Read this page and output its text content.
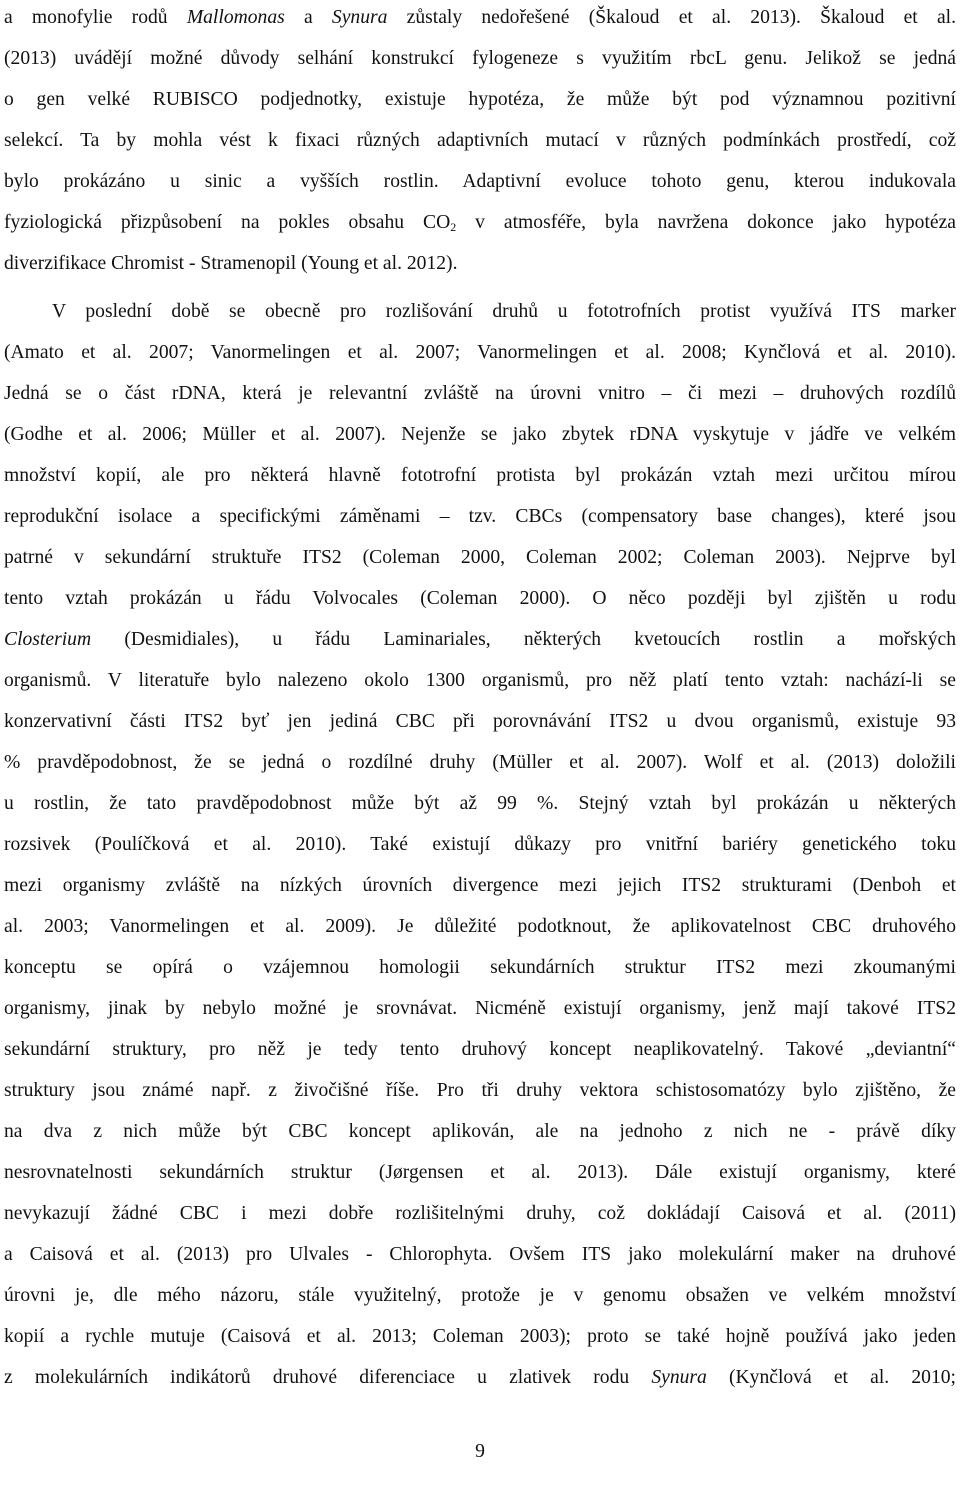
a monofylie rodů Mallomonas a Synura zůstaly nedořešené (Škaloud et al. 2013). Škaloud et al.
(2013) uvádějí možné důvody selhání konstrukcí fylogeneze s využitím rbcL genu. Jelikož se jedná
o gen velké RUBISCO podjednotky, existuje hypotéza, že může být pod významnou pozitivní
selekcí. Ta by mohla vést k fixaci různých adaptivních mutací v různých podmínkách prostředí, což
bylo prokázáno u sinic a vyšších rostlin. Adaptivní evoluce tohoto genu, kterou indukovala
fyziologická přizpůsobení na pokles obsahu CO2 v atmosféře, byla navržena dokonce jako hypotéza
diverzifikace Chromist - Stramenopil (Young et al. 2012).
V poslední době se obecně pro rozlišování druhů u fototrofních protist využívá ITS marker
(Amato et al. 2007; Vanormelingen et al. 2007; Vanormelingen et al. 2008; Kynčlová et al. 2010).
Jedná se o část rDNA, která je relevantní zvláště na úrovni vnitro – či mezi – druhových rozdílů
(Godhe et al. 2006; Müller et al. 2007). Nejenže se jako zbytek rDNA vyskytuje v jádře ve velkém
množství kopií, ale pro některá hlavně fototrofní protista byl prokázán vztah mezi určitou mírou
reprodukční isolace a specifickými záměnami – tzv. CBCs (compensatory base changes), které jsou
patrné v sekundární struktuře ITS2 (Coleman 2000, Coleman 2002; Coleman 2003). Nejprve byl
tento vztah prokázán u řádu Volvocales (Coleman 2000). O něco později byl zjištěn u rodu
Closterium (Desmidiales), u řádu Laminariales, některých kvetoucích rostlin a mořských
organismů. V literatuře bylo nalezeno okolo 1300 organismů, pro něž platí tento vztah: nachází-li se
konzervativní části ITS2 byť jen jediná CBC při porovnávání ITS2 u dvou organismů, existuje 93
% pravděpodobnost, že se jedná o rozdílné druhy (Müller et al. 2007). Wolf et al. (2013) doložili
u rostlin, že tato pravděpodobnost může být až 99 %. Stejný vztah byl prokázán u některých
rozsivek (Poulíčková et al. 2010). Také existují důkazy pro vnitřní bariéry genetického toku
mezi organismy zvláště na nízkých úrovních divergence mezi jejich ITS2 strukturami (Denboh et
al. 2003; Vanormelingen et al. 2009). Je důležité podotknout, že aplikovatelnost CBC druhového
konceptu se opírá o vzájemnou homologii sekundárních struktur ITS2 mezi zkoumanými
organismy, jinak by nebylo možné je srovnávat. Nicméně existují organismy, jenž mají takové ITS2
sekundární struktury, pro něž je tedy tento druhový koncept neaplikovatelný. Takové „deviantní“
struktury jsou známé např. z živočišné říše. Pro tři druhy vektora schistosomatózy bylo zjištěno, že
na dva z nich může být CBC koncept aplikován, ale na jednoho z nich ne - právě díky
nesrovnatelnosti sekundárních struktur (Jørgensen et al. 2013). Dále existují organismy, které
nevykazují žádné CBC i mezi dobře rozlišitelnými druhy, což dokládají Caisová et al. (2011)
a Caisová et al. (2013) pro Ulvales - Chlorophyta. Ovšem ITS jako molekulární maker na druhové
úrovni je, dle mého názoru, stále využitelný, protože je v genomu obsažen ve velkém množství
kopií a rychle mutuje (Caisová et al. 2013; Coleman 2003); proto se také hojně používá jako jeden
z molekulárních indikátorů druhové diferenciace u zlativek rodu Synura (Kynčlová et al. 2010;
9
